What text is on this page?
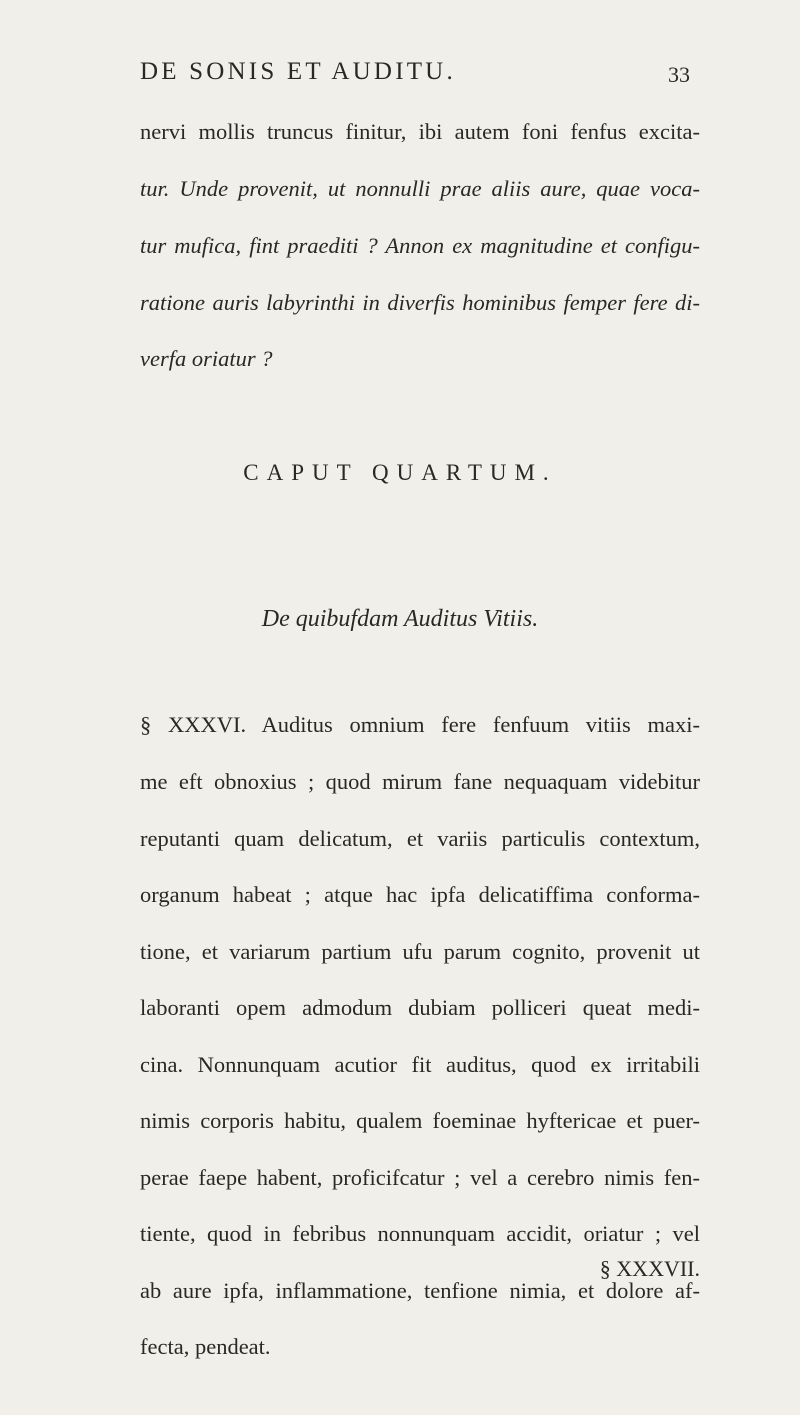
DE SONIS ET AUDITU.	33
nervi mollis truncus finitur, ibi autem foni fenfus excita-
tur. Unde provenit, ut nonnulli prae aliis aure, quae voca-
tur mufica, fint praediti ? Annon ex magnitudine et configu-
ratione auris labyrinthi in diverfis hominibus femper fere di-
verfa oriatur ?
CAPUT QUARTUM.
De quibufdam Auditus Vitiis.
§ XXXVI. Auditus omnium fere fenfuum vitiis maxi-
me eft obnoxius ; quod mirum fane nequaquam videbitur
reputanti quam delicatum, et variis particulis contextum,
organum habeat ; atque hac ipfa delicatiffima conforma-
tione, et variarum partium ufu parum cognito, provenit ut
laboranti opem admodum dubiam polliceri queat medi-
cina. Nonnunquam acutior fit auditus, quod ex irritabili
nimis corporis habitu, qualem foeminae hyftericae et puer-
perae faepe habent, proficifcatur ; vel a cerebro nimis fen-
tiente, quod in febribus nonnunquam accidit, oriatur ; vel
ab aure ipfa, inflammatione, tenfione nimia, et dolore af-
fecta, pendeat.
§ XXXVII.
